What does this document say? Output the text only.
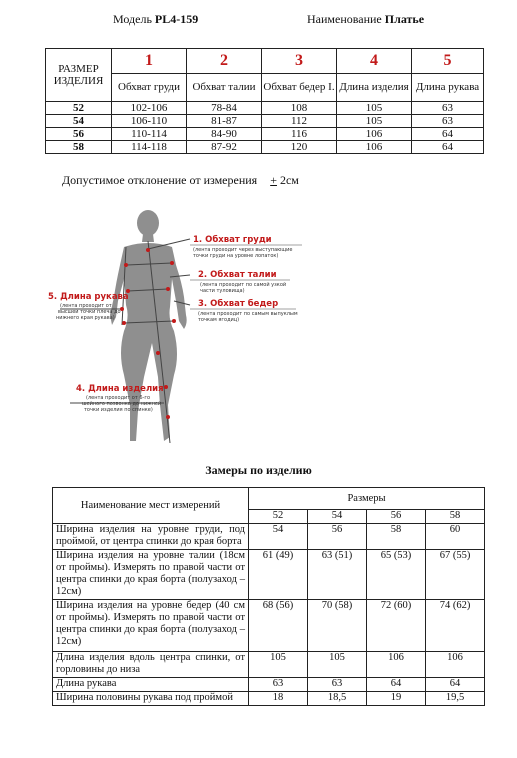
Модель PL4-159	Наименование Платье
РАЗМЕР ИЗДЕЛИЯ	1	2	3	4	5
	Обхват груди	Обхват талии	Обхват бедер I.	Длина изделия	Длина рукава
52	102-106	78-84	108	105	63
54	106-110	81-87	112	105	63
56	110-114	84-90	116	106	64
58	114-118	87-92	120	106	64
Допустимое отклонение от измерения + 2см
1. Обхват груди
(лента проходит через выступающие
точки груди на уровне лопаток)
2. Обхват талии
(лента проходит по самой узкой
части туловища)
3. Обхват бедер
(лента проходит по самым выпуклым
точкам ягодиц)
5. Длина рукава
(лента проходит от
высшей точки плеча до
нижнего края рукава)
4. Длина изделия
(лента проходит от 6-го
шейного позвонка до нижней
точки изделия по спинке)
Замеры по изделию
Наименование мест измерений	Размеры			
	52	54	56	58
Ширина изделия на уровне груди, под проймой, от центра спинки до края борта	54	56	58	60
Ширина изделия на уровне талии (18см от проймы). Измерять по правой части от центра спинки до края борта (полузаход – 12см)	61 (49)	63 (51)	65 (53)	67 (55)
Ширина изделия на уровне бедер (40 см от проймы). Измерять по правой части от центра спинки до края борта (полузаход – 12см)	68 (56)	70 (58)	72 (60)	74 (62)
Длина изделия вдоль центра спинки, от горловины до низа	105	105	106	106
Длина рукава	63	63	64	64
Ширина половины рукава под проймой	18	18,5	19	19,5
